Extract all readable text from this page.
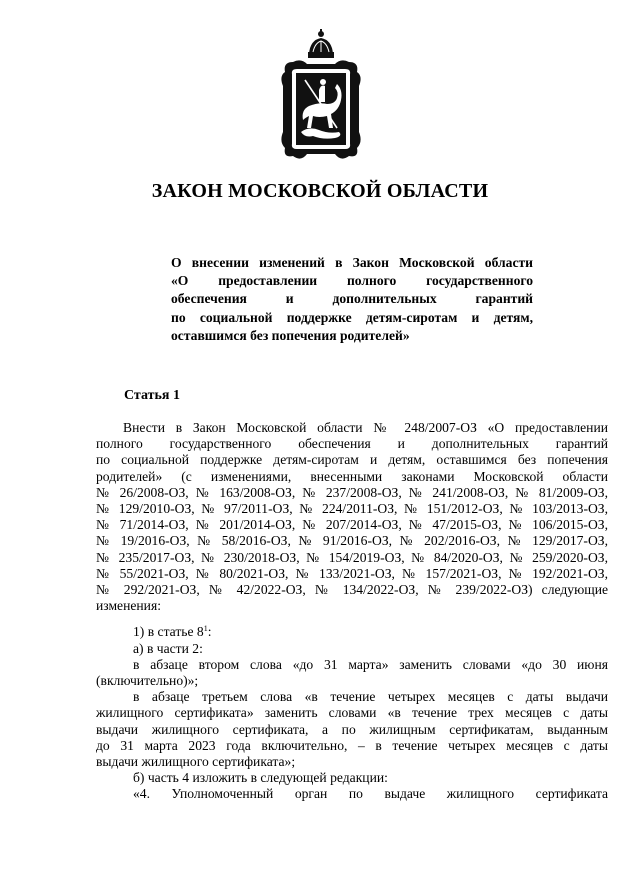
ЗАКОН МОСКОВСКОЙ ОБЛАСТИ
О внесении изменений в Закон Московской области
«О предоставлении полного государственного
обеспечения и дополнительных гарантий
по социальной поддержке детям-сиротам и детям,
оставшимся без попечения родителей»
Статья 1
Внести в Закон Московской области № 248/2007-ОЗ «О предоставлении
полного государственного обеспечения и дополнительных гарантий
по социальной поддержке детям-сиротам и детям, оставшимся без попечения
родителей» (с изменениями, внесенными законами Московской области
№ 26/2008-ОЗ, № 163/2008-ОЗ, № 237/2008-ОЗ, № 241/2008-ОЗ, № 81/2009-ОЗ,
№ 129/2010-ОЗ, № 97/2011-ОЗ, № 224/2011-ОЗ, № 151/2012-ОЗ, № 103/2013-ОЗ,
№ 71/2014-ОЗ, № 201/2014-ОЗ, № 207/2014-ОЗ, № 47/2015-ОЗ, № 106/2015-ОЗ,
№ 19/2016-ОЗ, № 58/2016-ОЗ, № 91/2016-ОЗ, № 202/2016-ОЗ, № 129/2017-ОЗ,
№ 235/2017-ОЗ, № 230/2018-ОЗ, № 154/2019-ОЗ, № 84/2020-ОЗ, № 259/2020-ОЗ,
№ 55/2021-ОЗ, № 80/2021-ОЗ, № 133/2021-ОЗ, № 157/2021-ОЗ, № 192/2021-ОЗ,
№ 292/2021-ОЗ, № 42/2022-ОЗ, № 134/2022-ОЗ, № 239/2022-ОЗ) следующие
изменения:
1) в статье $8^1$:
а) в части 2:
в абзаце втором слова «до 31 марта» заменить словами «до 30 июня
(включительно)»;
в абзаце третьем слова «в течение четырех месяцев с даты выдачи
жилищного сертификата» заменить словами «в течение трех месяцев с даты
выдачи жилищного сертификата, а по жилищным сертификатам, выданным
до 31 марта 2023 года включительно, – в течение четырех месяцев с даты
выдачи жилищного сертификата»;
б) часть 4 изложить в следующей редакции:
«4. Уполномоченный орган по выдаче жилищного сертификата
